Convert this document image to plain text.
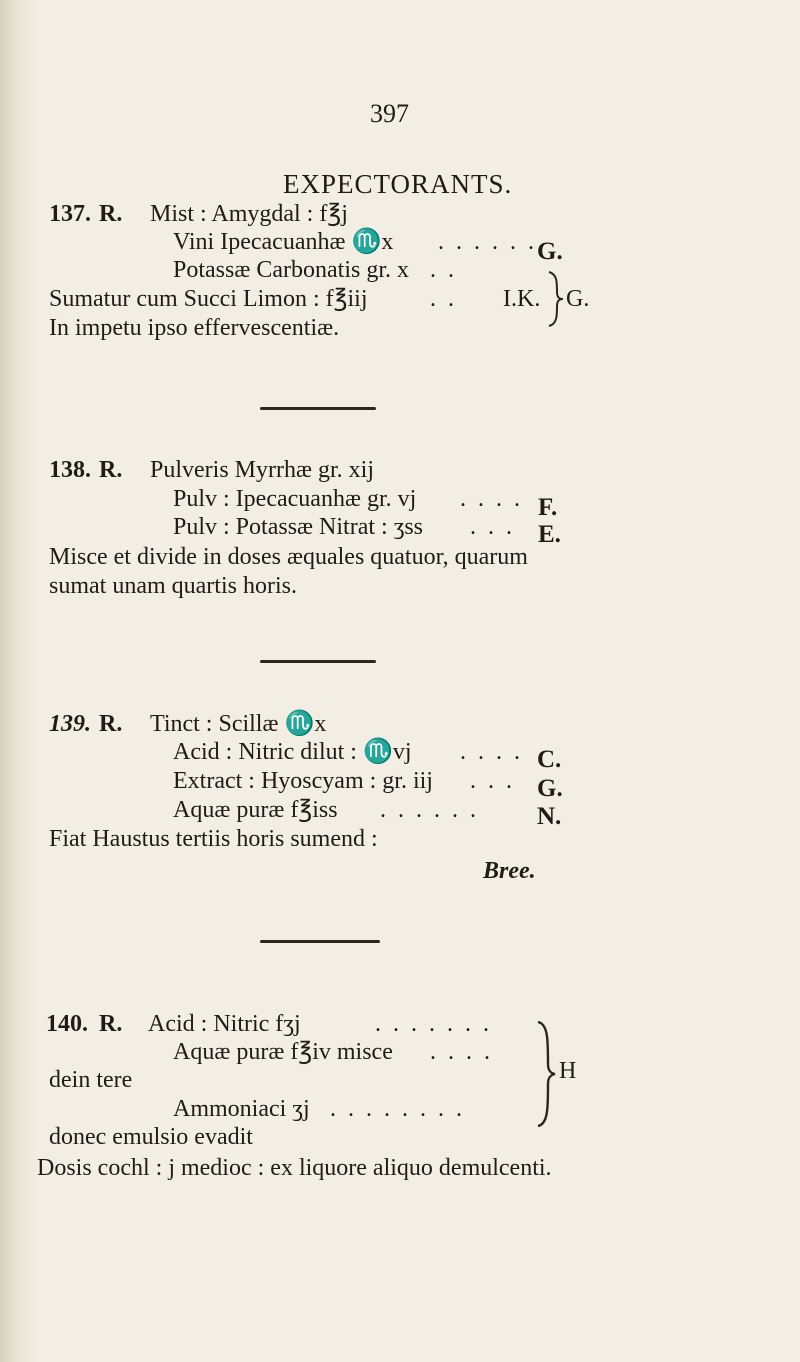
397
EXPECTORANTS.
137. R. Mist : Amygdal : f℥j
Vini Ipecacuanhæ ♏x . . . . . . G.
Potassæ Carbonatis gr. x . .
Sumatur cum Succi Limon : f℥iij	. . I.K. G.
In impetu ipso effervescentiæ.
138. R. Pulveris Myrrhæ gr. xij
Pulv : Ipecacuanhæ gr. vj . . . . F.
Pulv : Potassæ Nitrat : ʒss . . . E.
Misce et divide in doses æquales quatuor, quarum
sumat unam quartis horis.
139. R. Tinct : Scillæ ♏x
Acid : Nitric dilut : ♏vj . . . . C.
Extract : Hyoscyam : gr. iij . . . G.
Aquæ puræ f℥iss . . . . . . N.
Fiat Haustus tertiis horis sumend :
Bree.
140. R. Acid : Nitric fʒj	. . . . . . .
Aquæ puræ f℥iv misce . . . .
dein tere
Ammoniaci ʒj . . . . . . . .
H
donec emulsio evadit
Dosis cochl : j medioc : ex liquore aliquo demulcenti.
